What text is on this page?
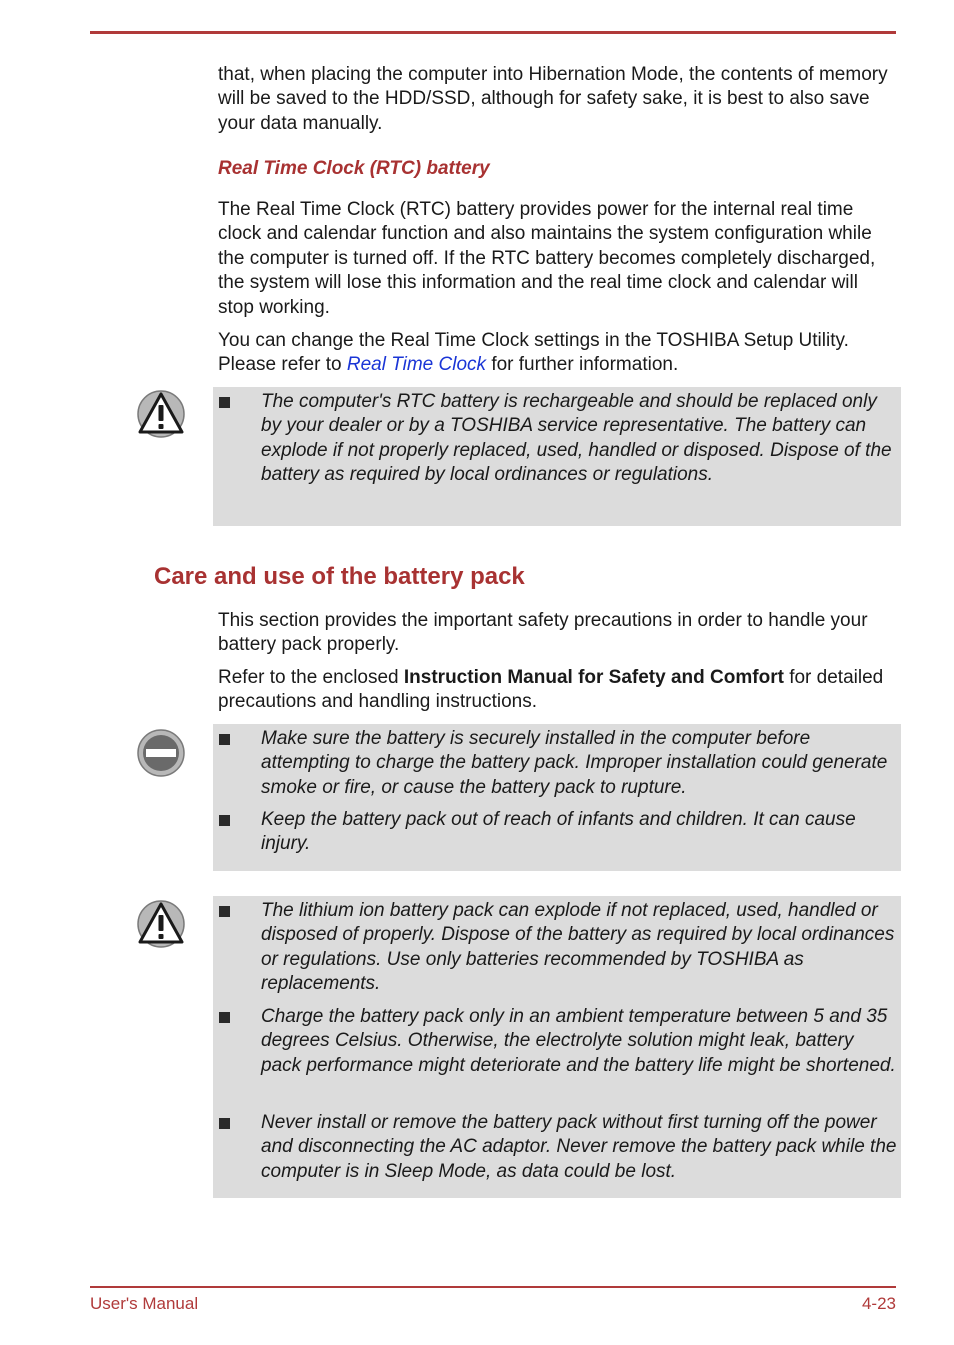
that, when placing the computer into Hibernation Mode, the contents of memory will be saved to the HDD/SSD, although for safety sake, it is best to also save your data manually.

Real Time Clock (RTC) battery

The Real Time Clock (RTC) battery provides power for the internal real time clock and calendar function and also maintains the system configuration while the computer is turned off. If the RTC battery becomes completely discharged, the system will lose this information and the real time clock and calendar will stop working.

You can change the Real Time Clock settings in the TOSHIBA Setup Utility. Please refer to Real Time Clock for further information.

The computer's RTC battery is rechargeable and should be replaced only by your dealer or by a TOSHIBA service representative. The battery can explode if not properly replaced, used, handled or disposed. Dispose of the battery as required by local ordinances or regulations.
Care and use of the battery pack

This section provides the important safety precautions in order to handle your battery pack properly.

Refer to the enclosed Instruction Manual for Safety and Comfort for detailed precautions and handling instructions.

Make sure the battery is securely installed in the computer before attempting to charge the battery pack. Improper installation could generate smoke or fire, or cause the battery pack to rupture.
Keep the battery pack out of reach of infants and children. It can cause injury.
The lithium ion battery pack can explode if not replaced, used, handled or disposed of properly. Dispose of the battery as required by local ordinances or regulations. Use only batteries recommended by TOSHIBA as replacements.
Charge the battery pack only in an ambient temperature between 5 and 35 degrees Celsius. Otherwise, the electrolyte solution might leak, battery pack performance might deteriorate and the battery life might be shortened.
Never install or remove the battery pack without first turning off the power and disconnecting the AC adaptor. Never remove the battery pack while the computer is in Sleep Mode, as data could be lost.
User's Manual	4-23
